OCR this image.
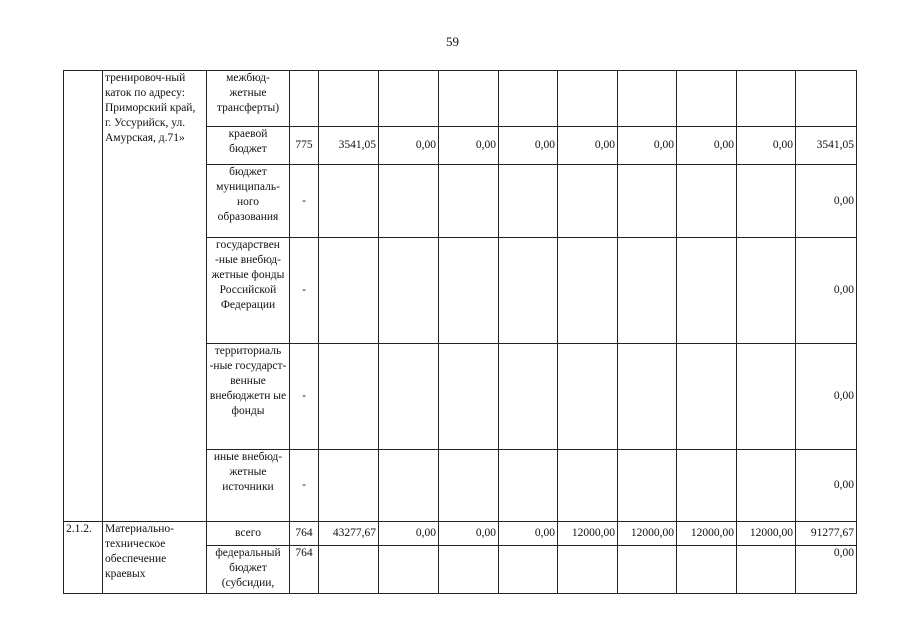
59
	тренировоч-ный каток по адресу: Приморский край, г. Уссурийск, ул. Амурская, д.71»	межбюд-жетные трансферты)										
		краевой бюджет	775	3541,05	0,00	0,00	0,00	0,00	0,00	0,00	0,00	3541,05
		бюджет муниципаль-ного образования	-									0,00
		государствен -ные внебюд-жетные фонды Российской Федерации	-									0,00
		территориаль -ные государст-венные внебюджетн ые фонды	-									0,00
		иные внебюд-жетные источники	-									0,00
2.1.2.	Материально-техническое обеспечение краевых	всего	764	43277,67	0,00	0,00	0,00	12000,00	12000,00	12000,00	12000,00	91277,67
		федеральный бюджет (субсидии,	764									0,00
